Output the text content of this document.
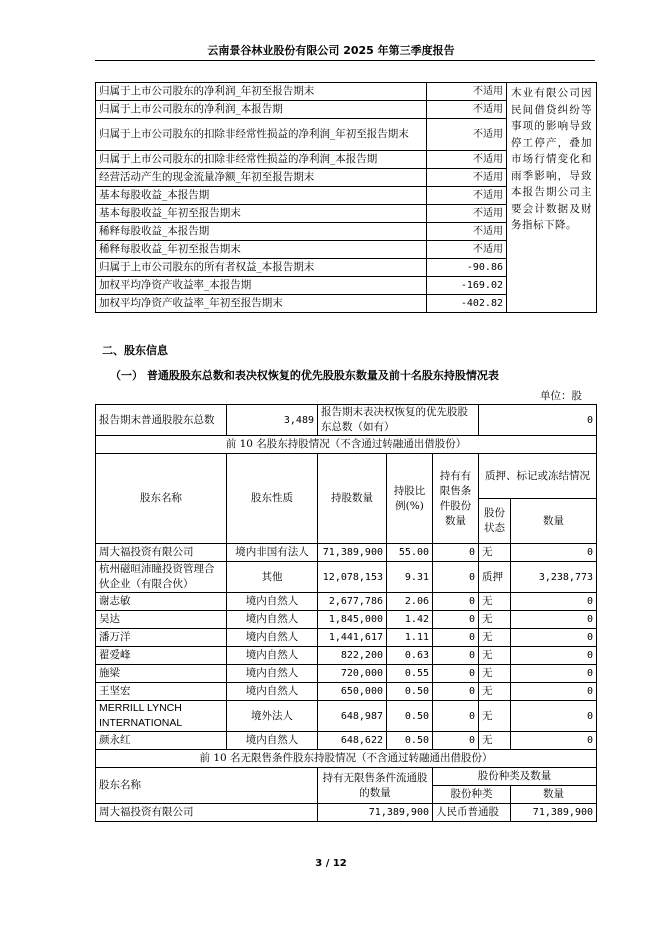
云南景谷林业股份有限公司 2025 年第三季度报告
归属于上市公司股东的净利润_年初至报告期末	不适用	木业有限公司因民间借贷纠纷等事项的影响导致停工停产，叠加市场行情变化和雨季影响，导致本报告期公司主要会计数据及财务指标下降。
归属于上市公司股东的净利润_本报告期	不适用	
归属于上市公司股东的扣除非经常性损益的净利润_年初至报告期末	不适用	
归属于上市公司股东的扣除非经常性损益的净利润_本报告期	不适用	
经营活动产生的现金流量净额_年初至报告期末	不适用	
基本每股收益_本报告期	不适用	
基本每股收益_年初至报告期末	不适用	
稀释每股收益_本报告期	不适用	
稀释每股收益_年初至报告期末	不适用	
归属于上市公司股东的所有者权益_本报告期末	-90.86	
加权平均净资产收益率_本报告期	-169.02	
加权平均净资产收益率_年初至报告期末	-402.82	
二、股东信息
（一） 普通股股东总数和表决权恢复的优先股股东数量及前十名股东持股情况表
单位：股
报告期末普通股股东总数	3,489	报告期末表决权恢复的优先股股东总数（如有）			0	
前 10 名股东持股情况（不含通过转融通出借股份）						
股东名称	股东性质	持股数量	持股比例(%)	持有有限售条件股份数量	质押、标记或冻结情况	
					股份状态	数量
周大福投资有限公司	境内非国有法人	71,389,900	55.00	0	无	0
杭州磁晅沛瞳投资管理合伙企业（有限合伙）	其他	12,078,153	9.31	0	质押	3,238,773
谢志敏	境内自然人	2,677,786	2.06	0	无	0
吴达	境内自然人	1,845,000	1.42	0	无	0
潘万洋	境内自然人	1,441,617	1.11	0	无	0
翟爱峰	境内自然人	822,200	0.63	0	无	0
施梁	境内自然人	720,000	0.55	0	无	0
王坚宏	境内自然人	650,000	0.50	0	无	0
MERRILL LYNCH INTERNATIONAL	境外法人	648,987	0.50	0	无	0
颜永红	境内自然人	648,622	0.50	0	无	0
前 10 名无限售条件股东持股情况（不含通过转融通出借股份）						
股东名称		持有无限售条件流通股的数量		股份种类及数量		
				股份种类		数量
周大福投资有限公司		71,389,900		人民币普通股		71,389,900
3 / 12
